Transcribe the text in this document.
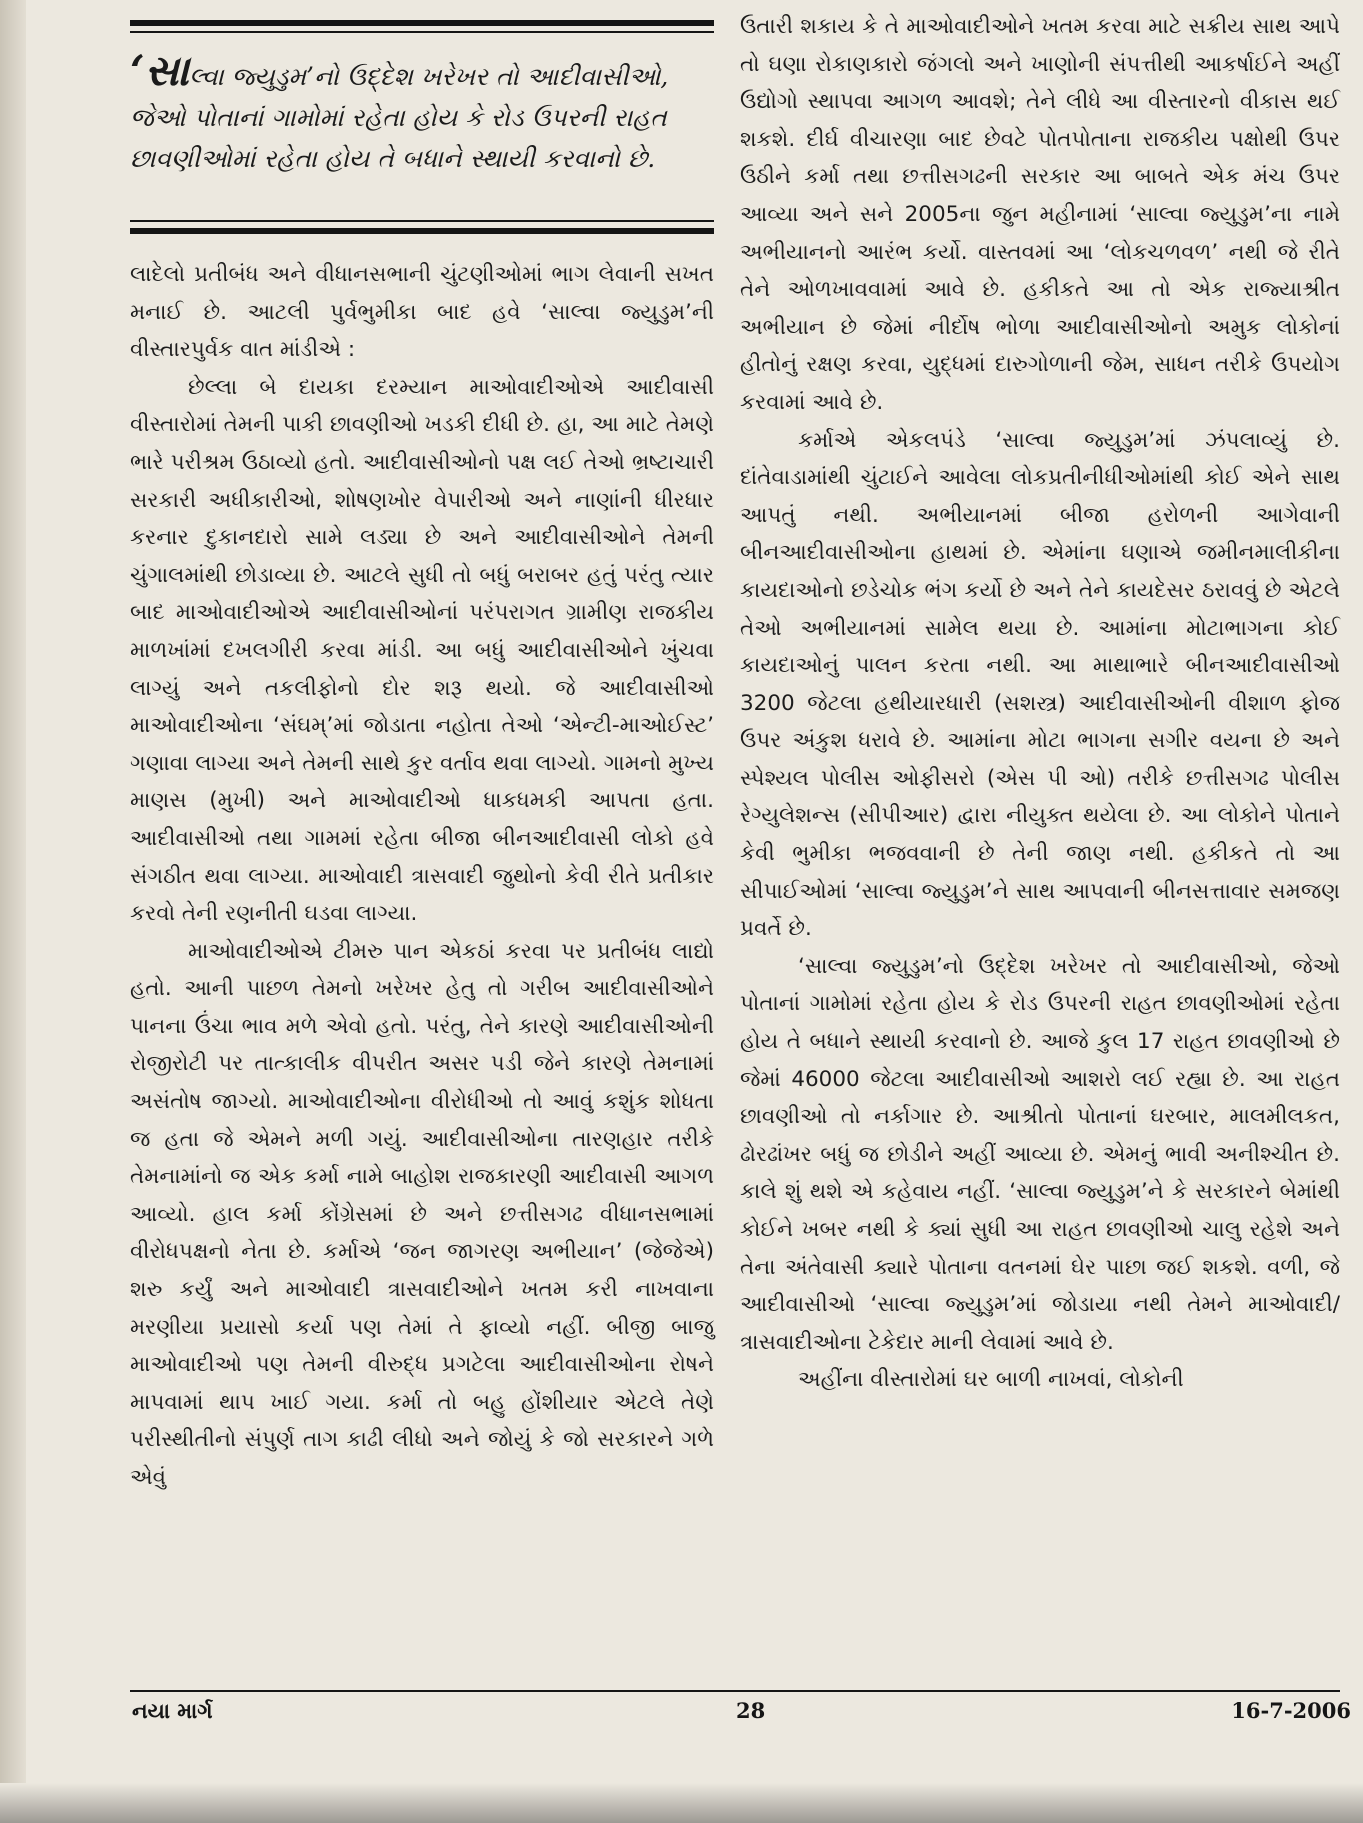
‘સાલ્વા જ્યુડુમ’નો ઉદ્દેશ ખરેખર તો આદીવાસીઓ, જેઓ પોતાનાં ગામોમાં રહેતા હોય કે રોડ ઉપરની રાહત છાવણીઓમાં રહેતા હોય તે બધાને સ્થાયી કરવાનો છે.

લાદેલો પ્રતીબંધ અને વીધાનસભાની ચુંટણીઓમાં ભાગ લેવાની સખત મનાઈ છે. આટલી પુર્વભુમીકા બાદ હવે ‘સાલ્વા જ્યુડુમ’ની વીસ્તારપુર્વક વાત માંડીએ :

છેલ્લા બે દાયકા દરમ્યાન માઓવાદીઓએ આદીવાસી વીસ્તારોમાં તેમની પાકી છાવણીઓ ખડકી દીધી છે. હા, આ માટે તેમણે ભારે પરીશ્રમ ઉઠાવ્યો હતો. આદીવાસીઓનો પક્ષ લઈ તેઓ ભ્રષ્ટાચારી સરકારી અધીકારીઓ, શોષણખોર વેપારીઓ અને નાણાંની ધીરધાર કરનાર દુકાનદારો સામે લડ્યા છે અને આદીવાસીઓને તેમની ચુંગાલમાંથી છોડાવ્યા છે. આટલે સુધી તો બધું બરાબર હતું પરંતુ ત્યાર બાદ માઓવાદીઓએ આદીવાસીઓનાં પરંપરાગત ગ્રામીણ રાજકીય માળખાંમાં દખલગીરી કરવા માંડી. આ બધું આદીવાસીઓને ખુંચવા લાગ્યું અને તકલીફોનો દોર શરૂ થયો. જે આદીવાસીઓ માઓવાદીઓના ‘સંઘમ્’માં જોડાતા નહોતા તેઓ ‘એન્ટી-માઓઈસ્ટ’ ગણાવા લાગ્યા અને તેમની સાથે કુર વર્તાવ થવા લાગ્યો. ગામનો મુખ્ય માણસ (મુખી) અને માઓવાદીઓ ધાકધમકી આપતા હતા. આદીવાસીઓ તથા ગામમાં રહેતા બીજા બીનઆદીવાસી લોકો હવે સંગઠીત થવા લાગ્યા. માઓવાદી ત્રાસવાદી જુથોનો કેવી રીતે પ્રતીકાર કરવો તેની રણનીતી ઘડવા લાગ્યા.

માઓવાદીઓએ ટીમરુ પાન એકઠાં કરવા પર પ્રતીબંધ લાદ્યો હતો. આની પાછળ તેમનો ખરેખર હેતુ તો ગરીબ આદીવાસીઓને પાનના ઉંચા ભાવ મળે એવો હતો. પરંતુ, તેને કારણે આદીવાસીઓની રોજીરોટી પર તાત્કાલીક વીપરીત અસર પડી જેને કારણે તેમનામાં અસંતોષ જાગ્યો. માઓવાદીઓના વીરોધીઓ તો આવું કશુંક શોધતા જ હતા જે એમને મળી ગયું. આદીવાસીઓના તારણહાર તરીકે તેમનામાંનો જ એક કર્મા નામે બાહોશ રાજકારણી આદીવાસી આગળ આવ્યો. હાલ કર્મા કોંગ્રેસમાં છે અને છત્તીસગઢ વીધાનસભામાં વીરોધપક્ષનો નેતા છે. કર્માએ ‘જન જાગરણ અભીયાન’ (જેજેએ) શરુ કર્યું અને માઓવાદી ત્રાસવાદીઓને ખતમ કરી નાખવાના મરણીયા પ્રયાસો કર્યા પણ તેમાં તે ફાવ્યો નહીં. બીજી બાજુ માઓવાદીઓ પણ તેમની વીરુદ્ધ પ્રગટેલા આદીવાસીઓના રોષને માપવામાં થાપ ખાઈ ગયા. કર્મા તો બહુ હોંશીયાર એટલે તેણે પરીસ્થીતીનો સંપુર્ણ તાગ કાઢી લીધો અને જોયું કે જો સરકારને ગળે એવું

ઉતારી શકાય કે તે માઓવાદીઓને ખતમ કરવા માટે સક્રીય સાથ આપે તો ઘણા રોકાણકારો જંગલો અને ખાણોની સંપત્તીથી આકર્ષાઈને અહીં ઉદ્યોગો સ્થાપવા આગળ આવશે; તેને લીધે આ વીસ્તારનો વીકાસ થઈ શકશે. દીર્ઘ વીચારણા બાદ છેવટે પોતપોતાના રાજકીય પક્ષોથી ઉપર ઉઠીને કર્મા તથા છત્તીસગઢની સરકાર આ બાબતે એક મંચ ઉપર આવ્યા અને સને 2005ના જુન મહીનામાં ‘સાલ્વા જ્યુડુમ’ના નામે અભીયાનનો આરંભ કર્યો. વાસ્તવમાં આ ‘લોકચળવળ’ નથી જે રીતે તેને ઓળખાવવામાં આવે છે. હકીકતે આ તો એક રાજ્યાશ્રીત અભીયાન છે જેમાં નીર્દોષ ભોળા આદીવાસીઓનો અમુક લોકોનાં હીતોનું રક્ષણ કરવા, યુદ્ધમાં દારુગોળાની જેમ, સાધન તરીકે ઉપયોગ કરવામાં આવે છે.

કર્માએ એકલપંડે ‘સાલ્વા જ્યુડુમ’માં ઝંપલાવ્યું છે. દાંતેવાડામાંથી ચુંટાઈને આવેલા લોકપ્રતીનીધીઓમાંથી કોઈ એને સાથ આપતું નથી. અભીયાનમાં બીજા હરોળની આગેવાની બીનઆદીવાસીઓના હાથમાં છે. એમાંના ઘણાએ જમીનમાલીકીના કાયદાઓનો છડેચોક ભંગ કર્યો છે અને તેને કાયદેસર ઠરાવવું છે એટલે તેઓ અભીયાનમાં સામેલ થયા છે. આમાંના મોટાભાગના કોઈ કાયદાઓનું પાલન કરતા નથી. આ માથાભારે બીનઆદીવાસીઓ 3200 જેટલા હથીયારધારી (સશસ્ત્ર) આદીવાસીઓની વીશાળ ફોજ ઉપર અંકુશ ધરાવે છે. આમાંના મોટા ભાગના સગીર વયના છે અને સ્પેશ્યલ પોલીસ ઓફીસરો (એસ પી ઓ) તરીકે છત્તીસગઢ પોલીસ રેગ્યુલેશન્સ (સીપીઆર) દ્વારા નીયુક્ત થયેલા છે. આ લોકોને પોતાને કેવી ભુમીકા ભજવવાની છે તેની જાણ નથી. હકીકતે તો આ સીપાઈઓમાં ‘સાલ્વા જ્યુડુમ’ને સાથ આપવાની બીનસત્તાવાર સમજણ પ્રવર્તે છે.

‘સાલ્વા જ્યુડુમ’નો ઉદ્દેશ ખરેખર તો આદીવાસીઓ, જેઓ પોતાનાં ગામોમાં રહેતા હોય કે રોડ ઉપરની રાહત છાવણીઓમાં રહેતા હોય તે બધાને સ્થાયી કરવાનો છે. આજે કુલ 17 રાહત છાવણીઓ છે જેમાં 46000 જેટલા આદીવાસીઓ આશરો લઈ રહ્યા છે. આ રાહત છાવણીઓ તો નર્કાગાર છે. આશ્રીતો પોતાનાં ઘરબાર, માલમીલકત, ઢોરઢાંખર બધું જ છોડીને અહીં આવ્યા છે. એમનું ભાવી અનીશ્ચીત છે. કાલે શું થશે એ કહેવાય નહીં. ‘સાલ્વા જ્યુડુમ’ને કે સરકારને બેમાંથી કોઈને ખબર નથી કે ક્યાં સુધી આ રાહત છાવણીઓ ચાલુ રહેશે અને તેના અંતેવાસી ક્યારે પોતાના વતનમાં ઘેર પાછા જઈ શકશે. વળી, જે આદીવાસીઓ ‘સાલ્વા જ્યુડુમ’માં જોડાયા નથી તેમને માઓવાદી/ત્રાસવાદીઓના ટેકેદાર માની લેવામાં આવે છે.

અહીંના વીસ્તારોમાં ઘર બાળી નાખવાં, લોકોની

નયા માર્ગ	28	16-7-2006
